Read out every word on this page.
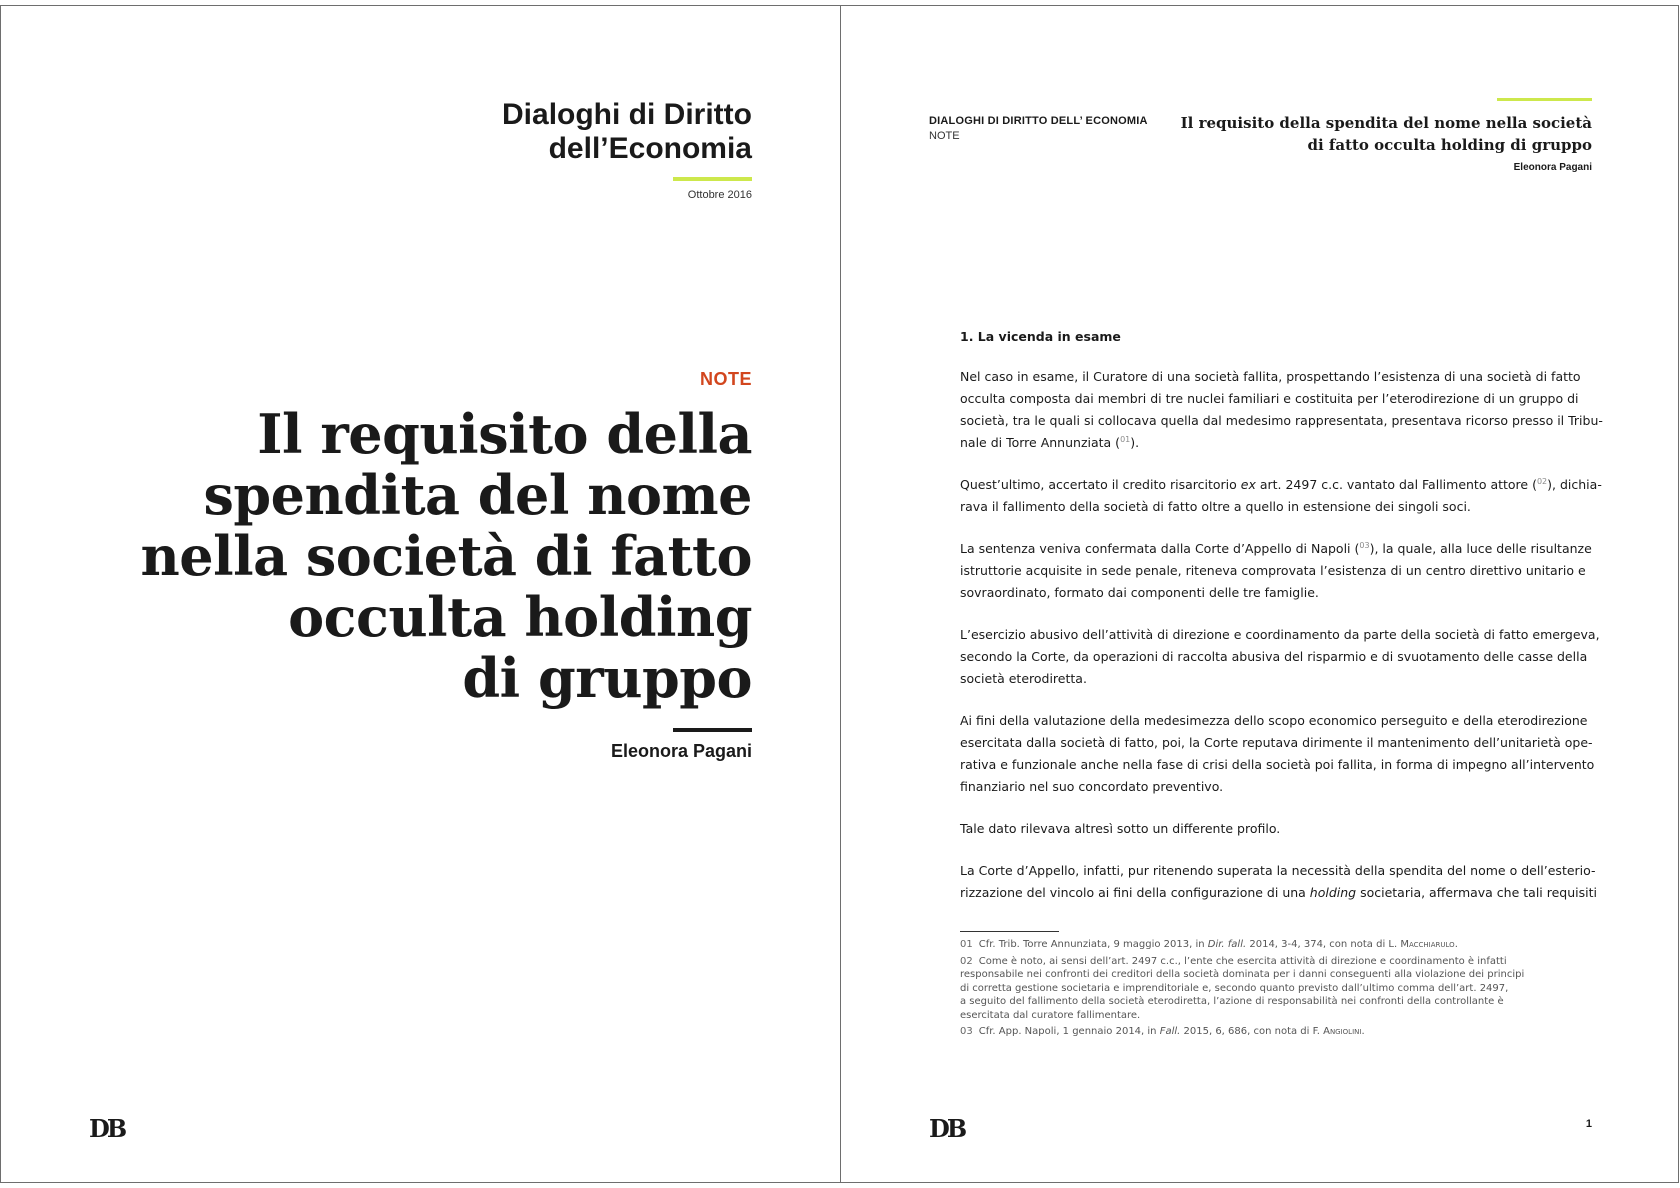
Dialoghi di Diritto
dell’Economia
Ottobre 2016
NOTE
Il requisito della
spendita del nome
nella società di fatto
occulta holding
di gruppo
Eleonora Pagani
DB
DIALOGHI DI DIRITTO DELL’ ECONOMIA
NOTE
Il requisito della spendita del nome nella società
di fatto occulta holding di gruppo
Eleonora Pagani
1. La vicenda in esame

Nel caso in esame, il Curatore di una società fallita, prospettando l’esistenza di una società di fatto
occulta composta dai membri di tre nuclei familiari e costituita per l’eterodirezione di un gruppo di
società, tra le quali si collocava quella dal medesimo rappresentata, presentava ricorso presso il Tribu-
nale di Torre Annunziata ($^{01}$).

Quest’ultimo, accertato il credito risarcitorio ex art. 2497 c.c. vantato dal Fallimento attore ($^{02}$), dichia-
rava il fallimento della società di fatto oltre a quello in estensione dei singoli soci.

La sentenza veniva confermata dalla Corte d’Appello di Napoli ($^{03}$), la quale, alla luce delle risultanze
istruttorie acquisite in sede penale, riteneva comprovata l’esistenza di un centro direttivo unitario e
sovraordinato, formato dai componenti delle tre famiglie.

L’esercizio abusivo dell’attività di direzione e coordinamento da parte della società di fatto emergeva,
secondo la Corte, da operazioni di raccolta abusiva del risparmio e di svuotamento delle casse della
società eterodiretta.

Ai fini della valutazione della medesimezza dello scopo economico perseguito e della eterodirezione
esercitata dalla società di fatto, poi, la Corte reputava dirimente il mantenimento dell’unitarietà ope-
rativa e funzionale anche nella fase di crisi della società poi fallita, in forma di impegno all’intervento
finanziario nel suo concordato preventivo.

Tale dato rilevava altresì sotto un differente profilo.

La Corte d’Appello, infatti, pur ritenendo superata la necessità della spendita del nome o dell’esterio-
rizzazione del vincolo ai fini della configurazione di una holding societaria, affermava che tali requisiti

01 Cfr. Trib. Torre Annunziata, 9 maggio 2013, in Dir. fall. 2014, 3-4, 374, con nota di L. Macchiarulo.
02 Come è noto, ai sensi dell’art. 2497 c.c., l’ente che esercita attività di direzione e coordinamento è infatti
responsabile nei confronti dei creditori della società dominata per i danni conseguenti alla violazione dei principi
di corretta gestione societaria e imprenditoriale e, secondo quanto previsto dall’ultimo comma dell’art. 2497,
a seguito del fallimento della società eterodiretta, l’azione di responsabilità nei confronti della controllante è
esercitata dal curatore fallimentare.
03 Cfr. App. Napoli, 1 gennaio 2014, in Fall. 2015, 6, 686, con nota di F. Angiolini.
DB	1
